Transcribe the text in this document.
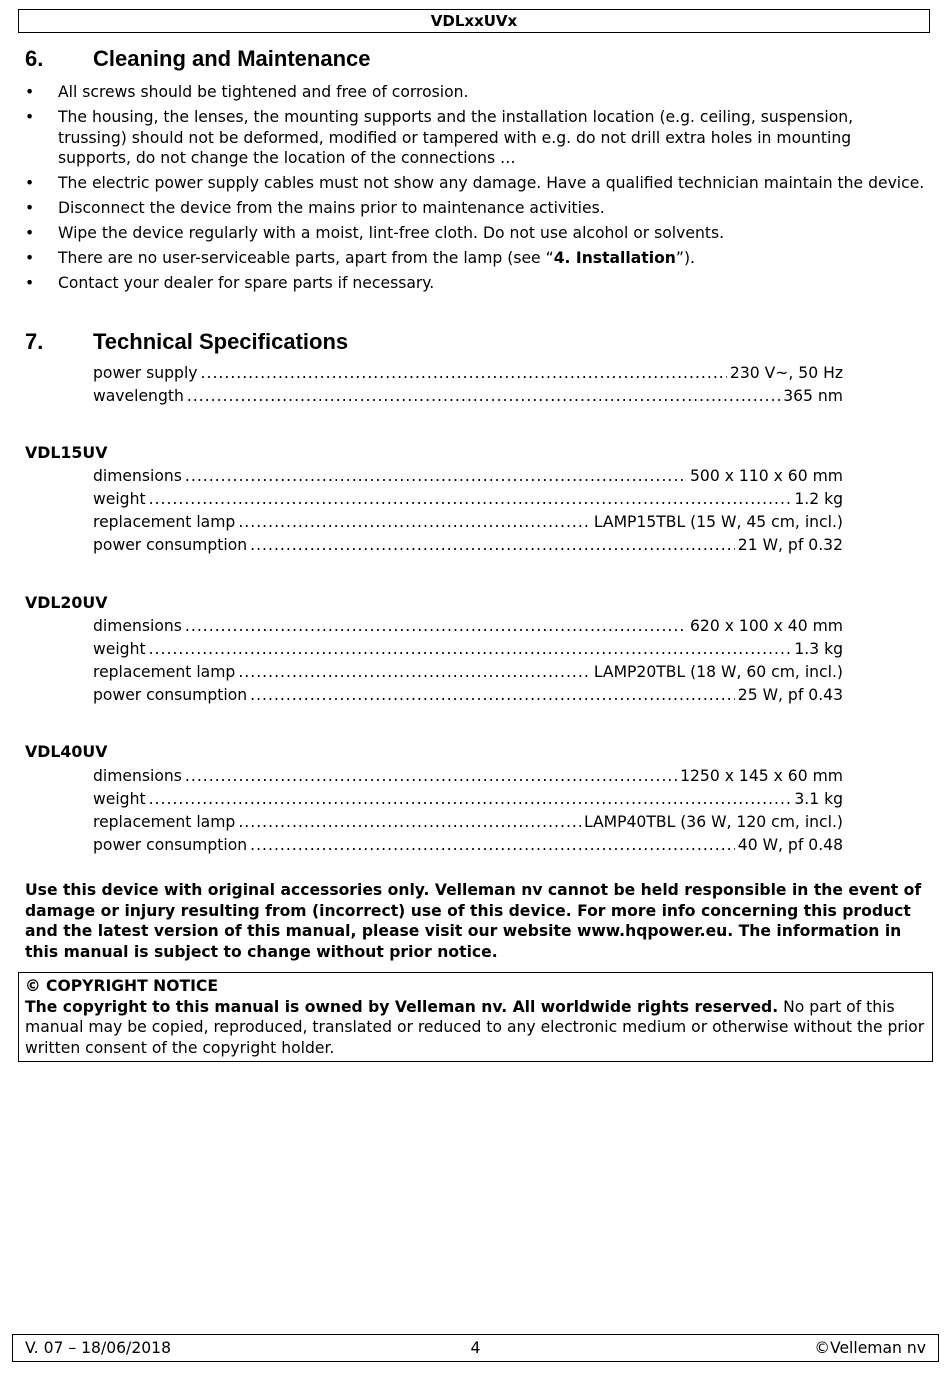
VDLxxUVx
6. Cleaning and Maintenance
• All screws should be tightened and free of corrosion.
• The housing, the lenses, the mounting supports and the installation location (e.g. ceiling, suspension, trussing) should not be deformed, modified or tampered with e.g. do not drill extra holes in mounting supports, do not change the location of the connections …
• The electric power supply cables must not show any damage. Have a qualified technician maintain the device.
• Disconnect the device from the mains prior to maintenance activities.
• Wipe the device regularly with a moist, lint-free cloth. Do not use alcohol or solvents.
• There are no user-serviceable parts, apart from the lamp (see “4. Installation”).
• Contact your dealer for spare parts if necessary.
7. Technical Specifications
power supply .....	230 V~, 50 Hz
wavelength .....	365 nm
VDL15UV
dimensions .....	500 x 110 x 60 mm
weight .....	1.2 kg
replacement lamp .....	LAMP15TBL (15 W, 45 cm, incl.)
power consumption .....	21 W, pf 0.32
VDL20UV
dimensions .....	620 x 100 x 40 mm
weight .....	1.3 kg
replacement lamp .....	LAMP20TBL (18 W, 60 cm, incl.)
power consumption .....	25 W, pf 0.43
VDL40UV
dimensions .....	1250 x 145 x 60 mm
weight .....	3.1 kg
replacement lamp .....	LAMP40TBL (36 W, 120 cm, incl.)
power consumption .....	40 W, pf 0.48
Use this device with original accessories only. Velleman nv cannot be held responsible in the event of damage or injury resulting from (incorrect) use of this device. For more info concerning this product and the latest version of this manual, please visit our website www.hqpower.eu. The information in this manual is subject to change without prior notice.
© COPYRIGHT NOTICE
The copyright to this manual is owned by Velleman nv. All worldwide rights reserved. No part of this manual may be copied, reproduced, translated or reduced to any electronic medium or otherwise without the prior written consent of the copyright holder.
4
V. 07 – 18/06/2018	©Velleman nv
